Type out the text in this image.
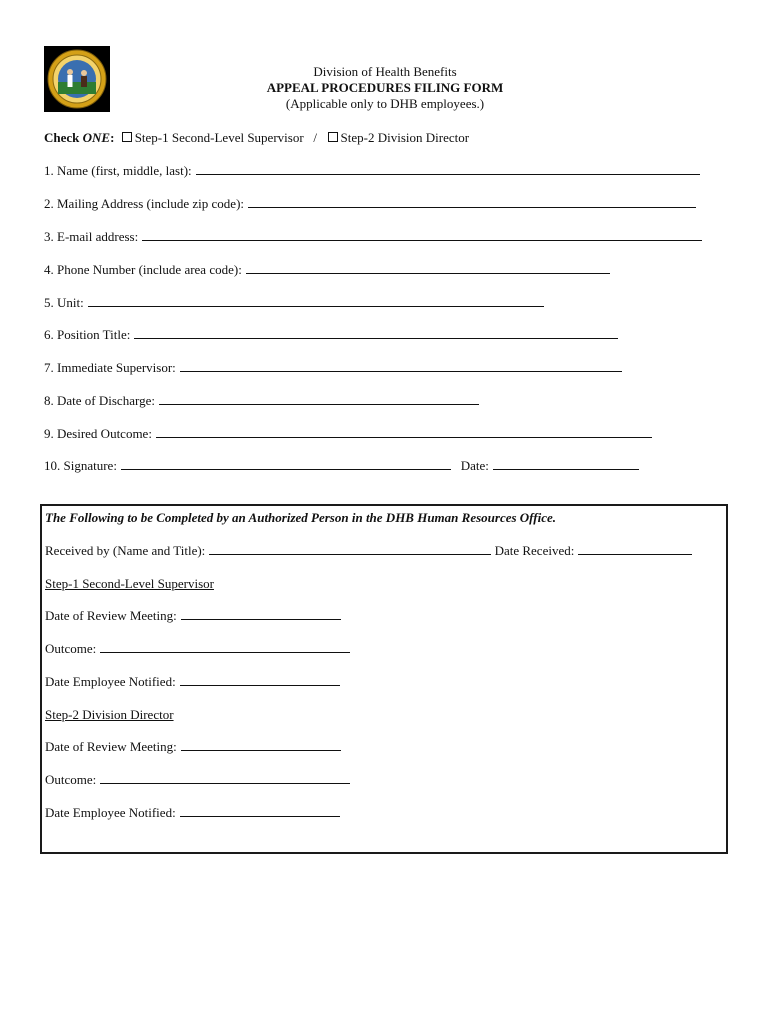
Division of Health Benefits
APPEAL PROCEDURES FILING FORM
(Applicable only to DHB employees.)
Check ONE: Step-1 Second-Level Supervisor / Step-2 Division Director
1. Name (first, middle, last):
2. Mailing Address (include zip code):
3. E-mail address:
4. Phone Number (include area code):
5. Unit:
6. Position Title:
7. Immediate Supervisor:
8. Date of Discharge:
9. Desired Outcome:
10. Signature:	Date:
The Following to be Completed by an Authorized Person in the DHB Human Resources Office.
Received by (Name and Title):	Date Received:
Step-1 Second-Level Supervisor
Date of Review Meeting:
Outcome:
Date Employee Notified:
Step-2 Division Director
Date of Review Meeting:
Outcome:
Date Employee Notified:
